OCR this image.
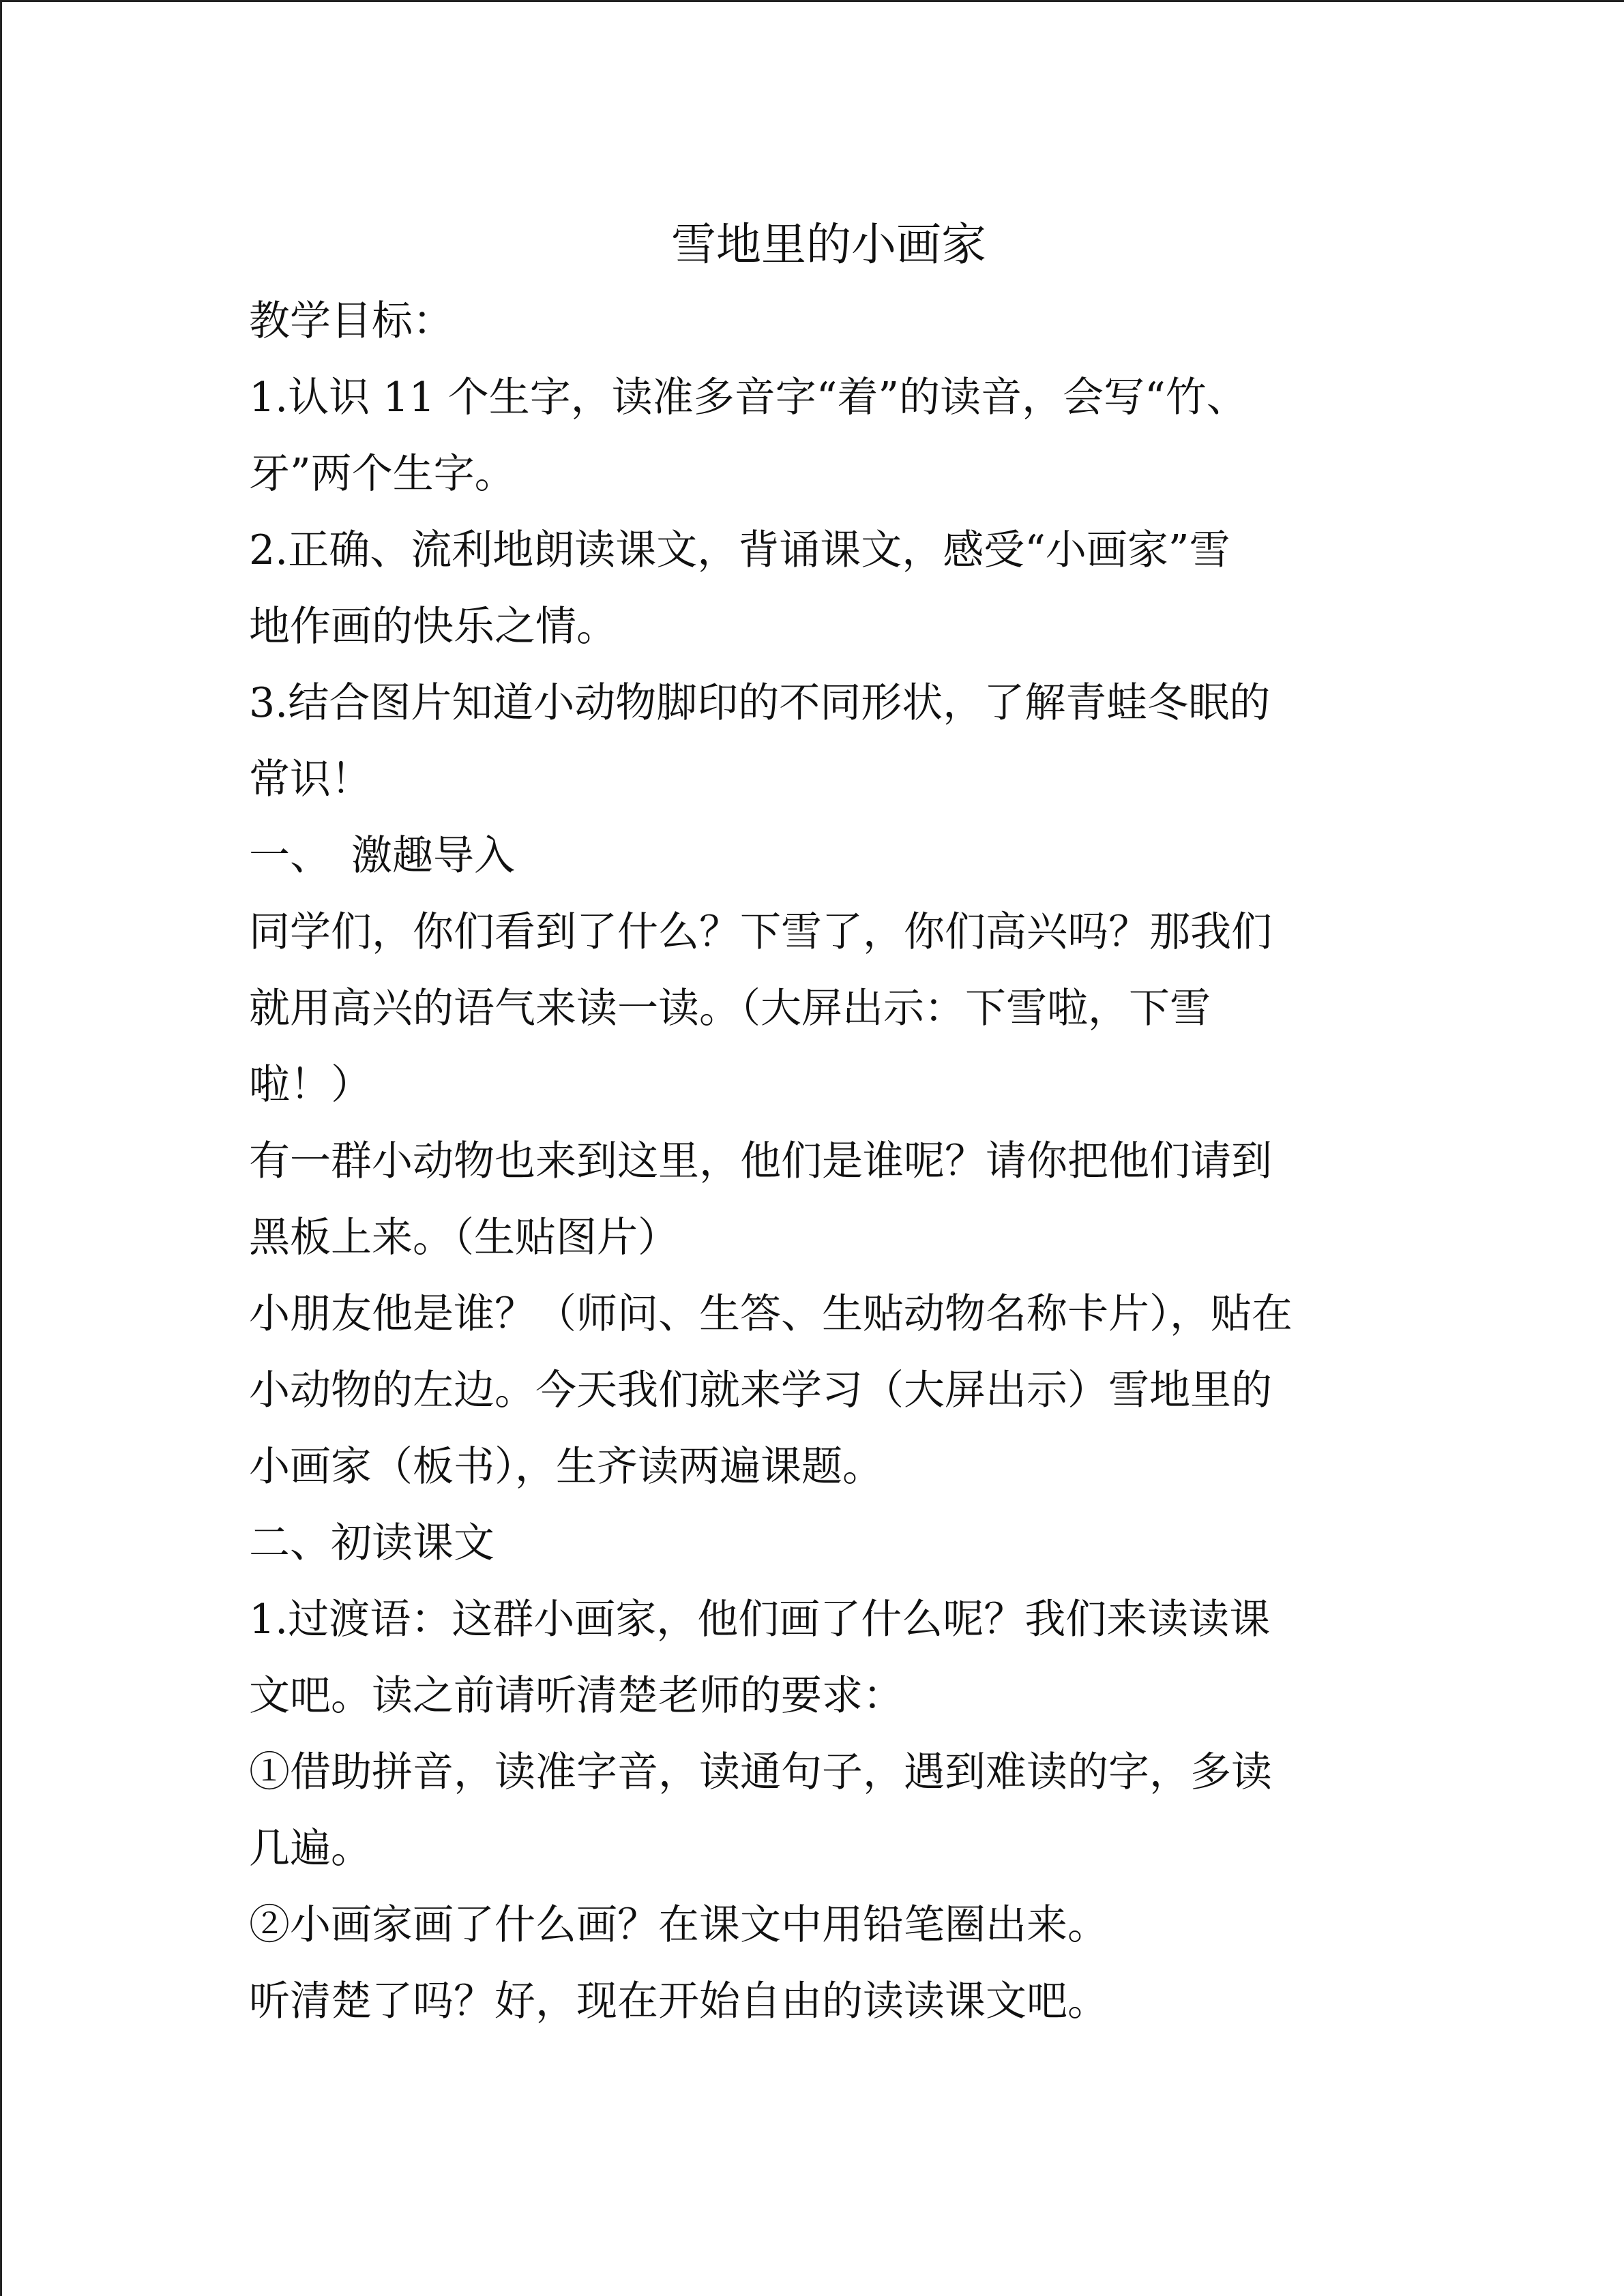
雪地里的小画家

教学目标：

1.认识 11 个生字，读准多音字“着”的读音，会写“竹、

牙”两个生字。

2.正确、流利地朗读课文，背诵课文，感受“小画家”雪

地作画的快乐之情。

3.结合图片知道小动物脚印的不同形状，了解青蛙冬眠的

常识！

一、　激趣导入

同学们，你们看到了什么？下雪了，你们高兴吗？那我们

就用高兴的语气来读一读。（大屏出示：下雪啦，下雪

啦！）

有一群小动物也来到这里，他们是谁呢？请你把他们请到

黑板上来。（生贴图片）

小朋友他是谁？（师问、生答、生贴动物名称卡片），贴在

小动物的左边。今天我们就来学习（大屏出示）雪地里的

小画家（板书），生齐读两遍课题。

二、初读课文

1.过渡语：这群小画家，他们画了什么呢？我们来读读课

文吧。读之前请听清楚老师的要求：

①借助拼音，读准字音，读通句子，遇到难读的字，多读

几遍。

②小画家画了什么画？在课文中用铅笔圈出来。

听清楚了吗？好，现在开始自由的读读课文吧。
